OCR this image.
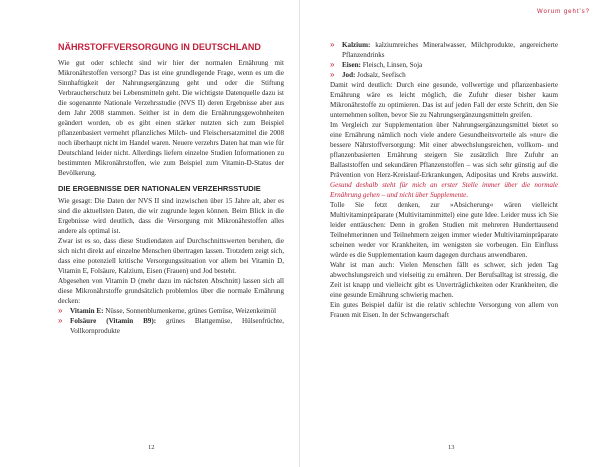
NÄHRSTOFFVERSORGUNG IN DEUTSCHLAND

Wie gut oder schlecht sind wir hier der normalen Ernährung mit Mikronährstoffen versorgt? Das ist eine grundlegende Frage, wenn es um die Sinnhaftigkeit der Nahrungsergänzung geht und oder die Stiftung Verbraucherschutz bei Lebensmitteln geht. Die wichtigste Datenquelle dazu ist die sogenannte Nationale Verzehrsstudie (NVS II) deren Ergebnisse aber aus dem Jahr 2008 stammen. Seither ist in dem die Ernährungsgewohnheiten geändert worden, ob es gibt einen stärker nutzten sich zum Beispiel pflanzenbasiert vermehrt pflanzliches Milch- und Fleischersatzmittel die 2008 noch überhaupt nicht im Handel waren. Neuere verzehrs Daten hat man wie für Deutschland leider nicht. Allerdings liefern einzelne Studien Informationen zu bestimmten Mikronährstoffen, wie zum Beispiel zum Vitamin-D-Status der Bevölkerung.

DIE ERGEBNISSE DER NATIONALEN VERZEHRSSTUDIE

Wie gesagt: Die Daten der NVS II sind inzwischen über 15 Jahre alt, aber es sind die aktuellsten Daten, die wir zugrunde legen können. Beim Blick in die Ergebnisse wird deutlich, dass die Versorgung mit Mikronährstoffen alles andere als optimal ist.

Zwar ist es so, dass diese Studiendaten auf Durchschnittswerten beruhen, die sich nicht direkt auf einzelne Menschen übertragen lassen. Trotzdem zeigt sich, dass eine potenziell kritische Versorgungssituation vor allem bei Vitamin D, Vitamin E, Folsäure, Kalzium, Eisen (Frauen) und Jod besteht.

Abgesehen von Vitamin D (mehr dazu im nächsten Abschnitt) lassen sich all diese Mikronährstoffe grundsätzlich problemlos über die normale Ernährung decken:

»	Vitamin E: Nüsse, Sonnenblumenkerne, grünes Gemüse, Weizenkeimöl
»	Folsäure (Vitamin B9): grünes Blattgemüse, Hülsenfrüchte, Vollkornprodukte
12
Worum geht's?
»	Kalzium: kalziumreiches Mineralwasser, Milchprodukte, angereicherte Pflanzendrinks
»	Eisen: Fleisch, Linsen, Soja
»	Jod: Jodsalz, Seefisch

Damit wird deutlich: Durch eine gesunde, vollwertige und pflanzenbasierte Ernährung wäre es leicht möglich, die Zufuhr dieser bisher kaum Mikronährstoffe zu optimieren. Das ist auf jeden Fall der erste Schritt, den Sie unternehmen sollten, bevor Sie zu Nahrungsergänzungsmitteln greifen.

Im Vergleich zur Supplementation über Nahrungsergänzungsmittel bietet so eine Ernährung nämlich noch viele andere Gesundheitsvorteile als »nur« die bessere Nährstoffversorgung: Mit einer abwechslungsreichen, vollkorn- und pflanzenbasierten Ernährung steigern Sie zusätzlich Ihre Zufuhr an Ballaststoffen und sekundären Pflanzenstoffen – was sich sehr günstig auf die Prävention von Herz-Kreislauf-Erkrankungen, Adipositas und Krebs auswirkt. Gesund deshalb steht für mich an erster Stelle immer über die normale Ernährung gehen – und nicht über Supplemente.

Tolle Sie fetzt denken, zur »Absicherung« wären vielleicht Multivitaminpräparate (Multivitaminmittel) eine gute Idee. Leider muss ich Sie leider enttäuschen: Denn in großen Studien mit mehreren Hunderttausend Teilnehmerinnen und Teilnehmern zeigen immer wieder Multivitaminpräparate scheinen weder vor Krankheiten, im wenigsten sie vorbeugen. Ein Einfluss würde es die Supplementation kaum dagegen durchaus anwendbaren.

Wahr ist man auch: Vielen Menschen fällt es schwer, sich jeden Tag abwechslungsreich und vielseitig zu ernähren. Der Berufsalltag ist stressig, die Zeit ist knapp und vielleicht gibt es Unverträglichkeiten oder Krankheiten, die eine gesunde Ernährung schwierig machen.

Ein gutes Beispiel dafür ist die relativ schlechte Versorgung von allem von Frauen mit Eisen. In der Schwangerschaft

13
